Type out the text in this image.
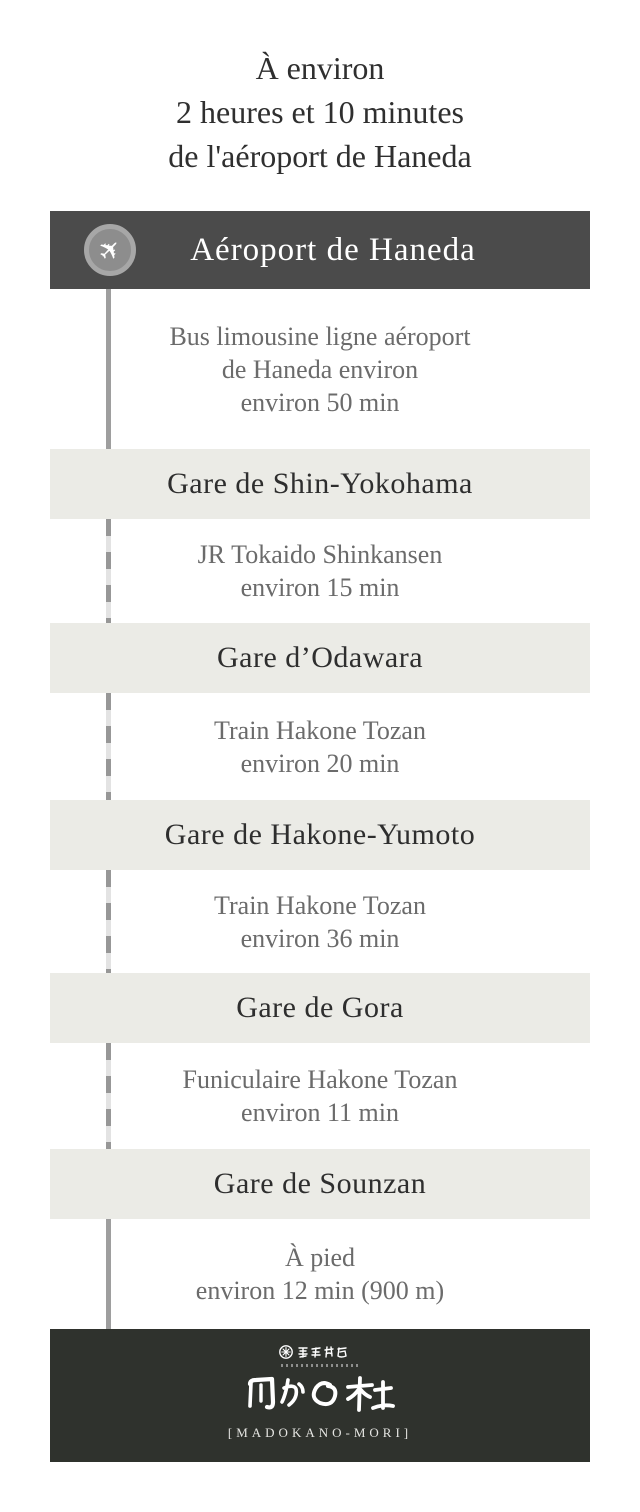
À environ
2 heures et 10 minutes
de l'aéroport de Haneda
✈	Aéroport de Haneda

Bus limousine ligne aéroport

de Haneda environ

environ 50 min

Gare de Shin-Yokohama

JR Tokaido Shinkansen

environ 15 min

Gare d’Odawara

Train Hakone Tozan

environ 20 min

Gare de Hakone-Yumoto

Train Hakone Tozan

environ 36 min

Gare de Gora

Funiculaire Hakone Tozan

environ 11 min

Gare de Sounzan

À pied

environ 12 min (900 m)

[MADOKANO-MORI]
